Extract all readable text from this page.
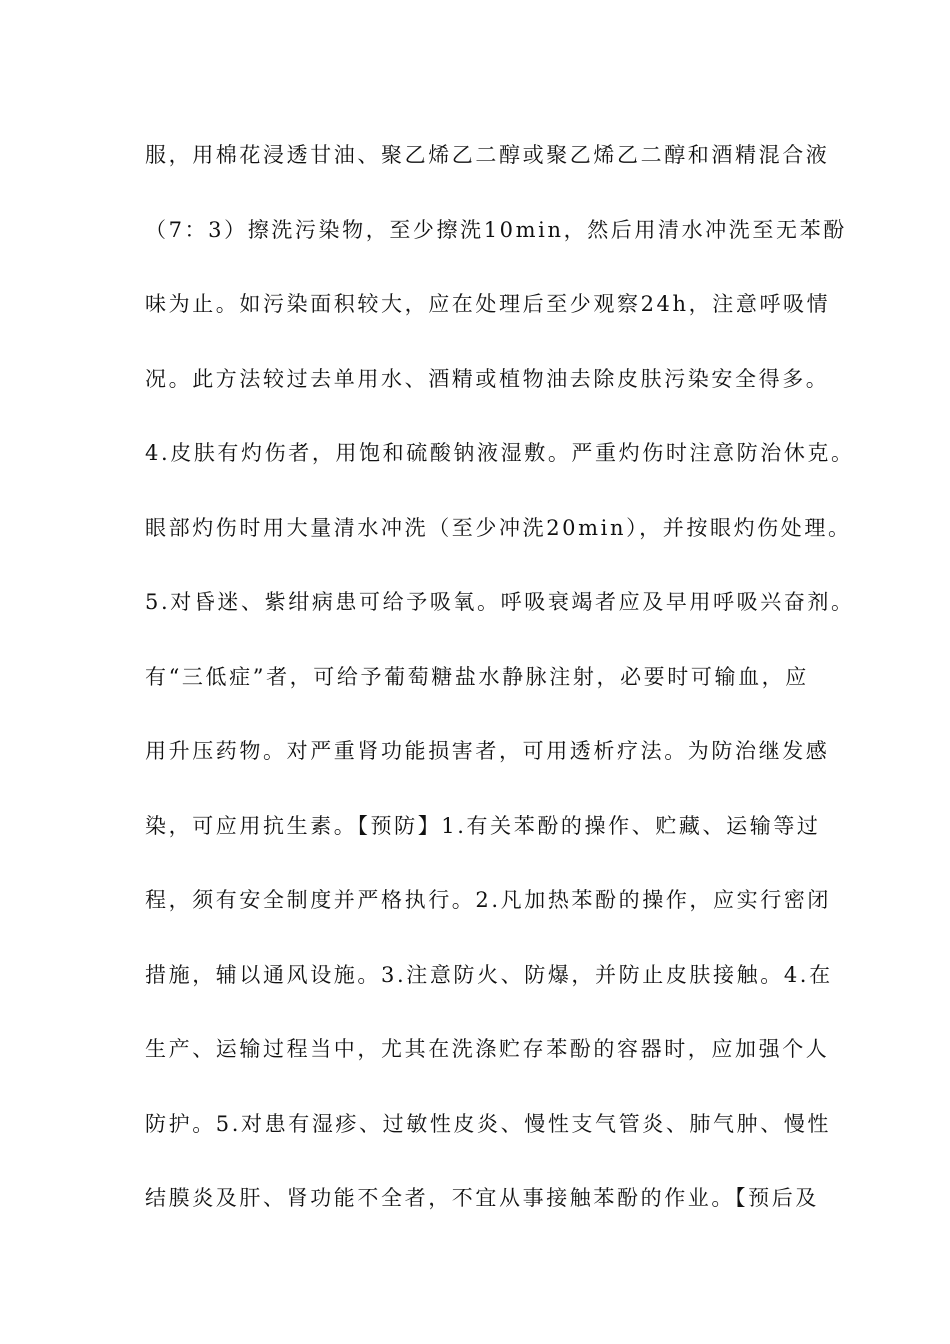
服，用棉花浸透甘油、聚乙烯乙二醇或聚乙烯乙二醇和酒精混合液
（7：3）擦洗污染物，至少擦洗10min，然后用清水冲洗至无苯酚
味为止。如污染面积较大，应在处理后至少观察24h，注意呼吸情
况。此方法较过去单用水、酒精或植物油去除皮肤污染安全得多。
4.皮肤有灼伤者，用饱和硫酸钠液湿敷。严重灼伤时注意防治休克。
眼部灼伤时用大量清水冲洗（至少冲洗20min），并按眼灼伤处理。
5.对昏迷、紫绀病患可给予吸氧。呼吸衰竭者应及早用呼吸兴奋剂。
有“三低症”者，可给予葡萄糖盐水静脉注射，必要时可输血，应
用升压药物。对严重肾功能损害者，可用透析疗法。为防治继发感
染，可应用抗生素。【预防】1.有关苯酚的操作、贮藏、运输等过
程，须有安全制度并严格执行。2.凡加热苯酚的操作，应实行密闭
措施，辅以通风设施。3.注意防火、防爆，并防止皮肤接触。4.在
生产、运输过程当中，尤其在洗涤贮存苯酚的容器时，应加强个人
防护。5.对患有湿疹、过敏性皮炎、慢性支气管炎、肺气肿、慢性
结膜炎及肝、肾功能不全者，不宜从事接触苯酚的作业。【预后及
